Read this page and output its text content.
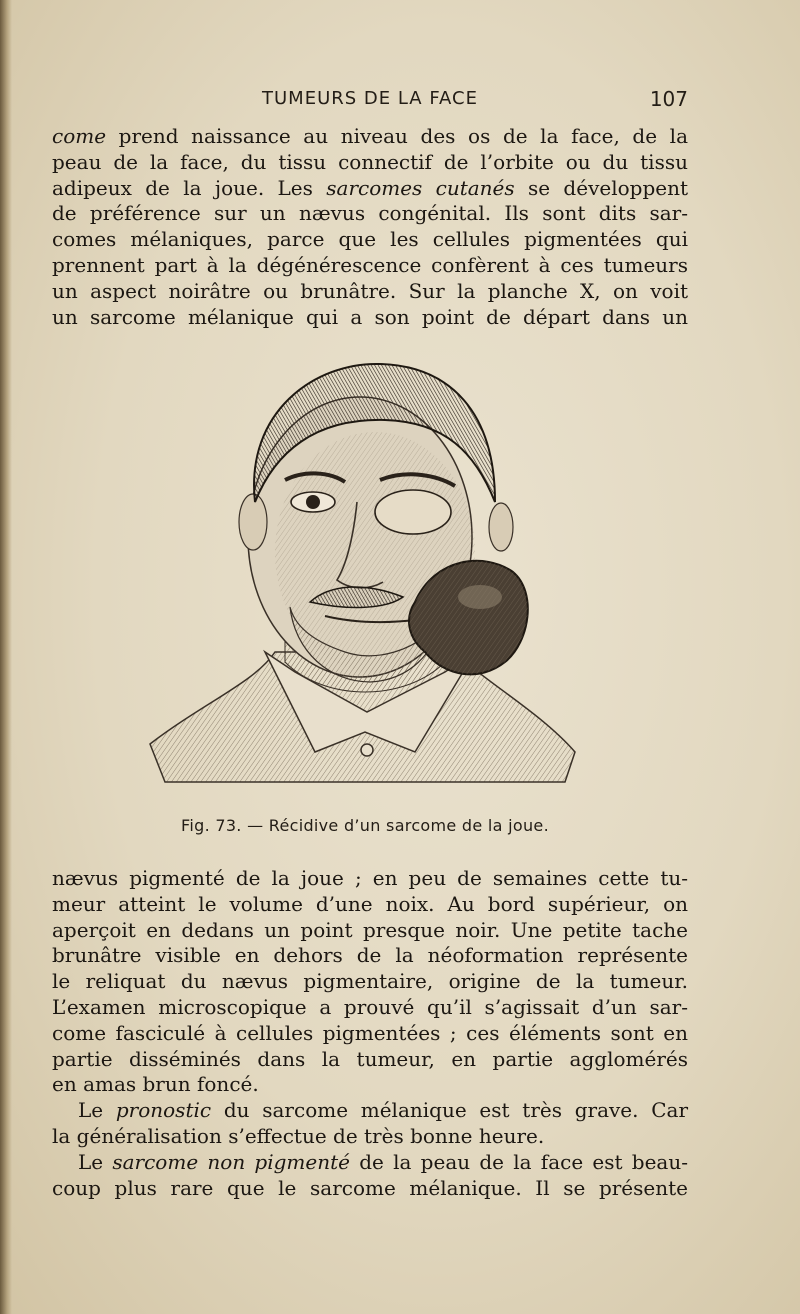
TUMEURS DE LA FACE	107
come prend naissance au niveau des os de la face, de la
peau de la face, du tissu connectif de l’orbite ou du tissu
adipeux de la joue. Les sarcomes cutanés se développent
de préférence sur un nævus congénital. Ils sont dits sar-
comes mélaniques, parce que les cellules pigmentées qui
prennent part à la dégénérescence confèrent à ces tumeurs
un aspect noirâtre ou brunâtre. Sur la planche X, on voit
un sarcome mélanique qui a son point de départ dans un
Fig. 73. — Récidive d’un sarcome de la joue.
nævus pigmenté de la joue ; en peu de semaines cette tu-
meur atteint le volume d’une noix. Au bord supérieur, on
aperçoit en dedans un point presque noir. Une petite tache
brunâtre visible en dehors de la néoformation représente
le reliquat du nævus pigmentaire, origine de la tumeur.
L’examen microscopique a prouvé qu’il s’agissait d’un sar-
come fasciculé à cellules pigmentées ; ces éléments sont en
partie disséminés dans la tumeur, en partie agglomérés
en amas brun foncé.
Le pronostic du sarcome mélanique est très grave. Car
la généralisation s’effectue de très bonne heure.
Le sarcome non pigmenté de la peau de la face est beau-
coup plus rare que le sarcome mélanique. Il se présente
